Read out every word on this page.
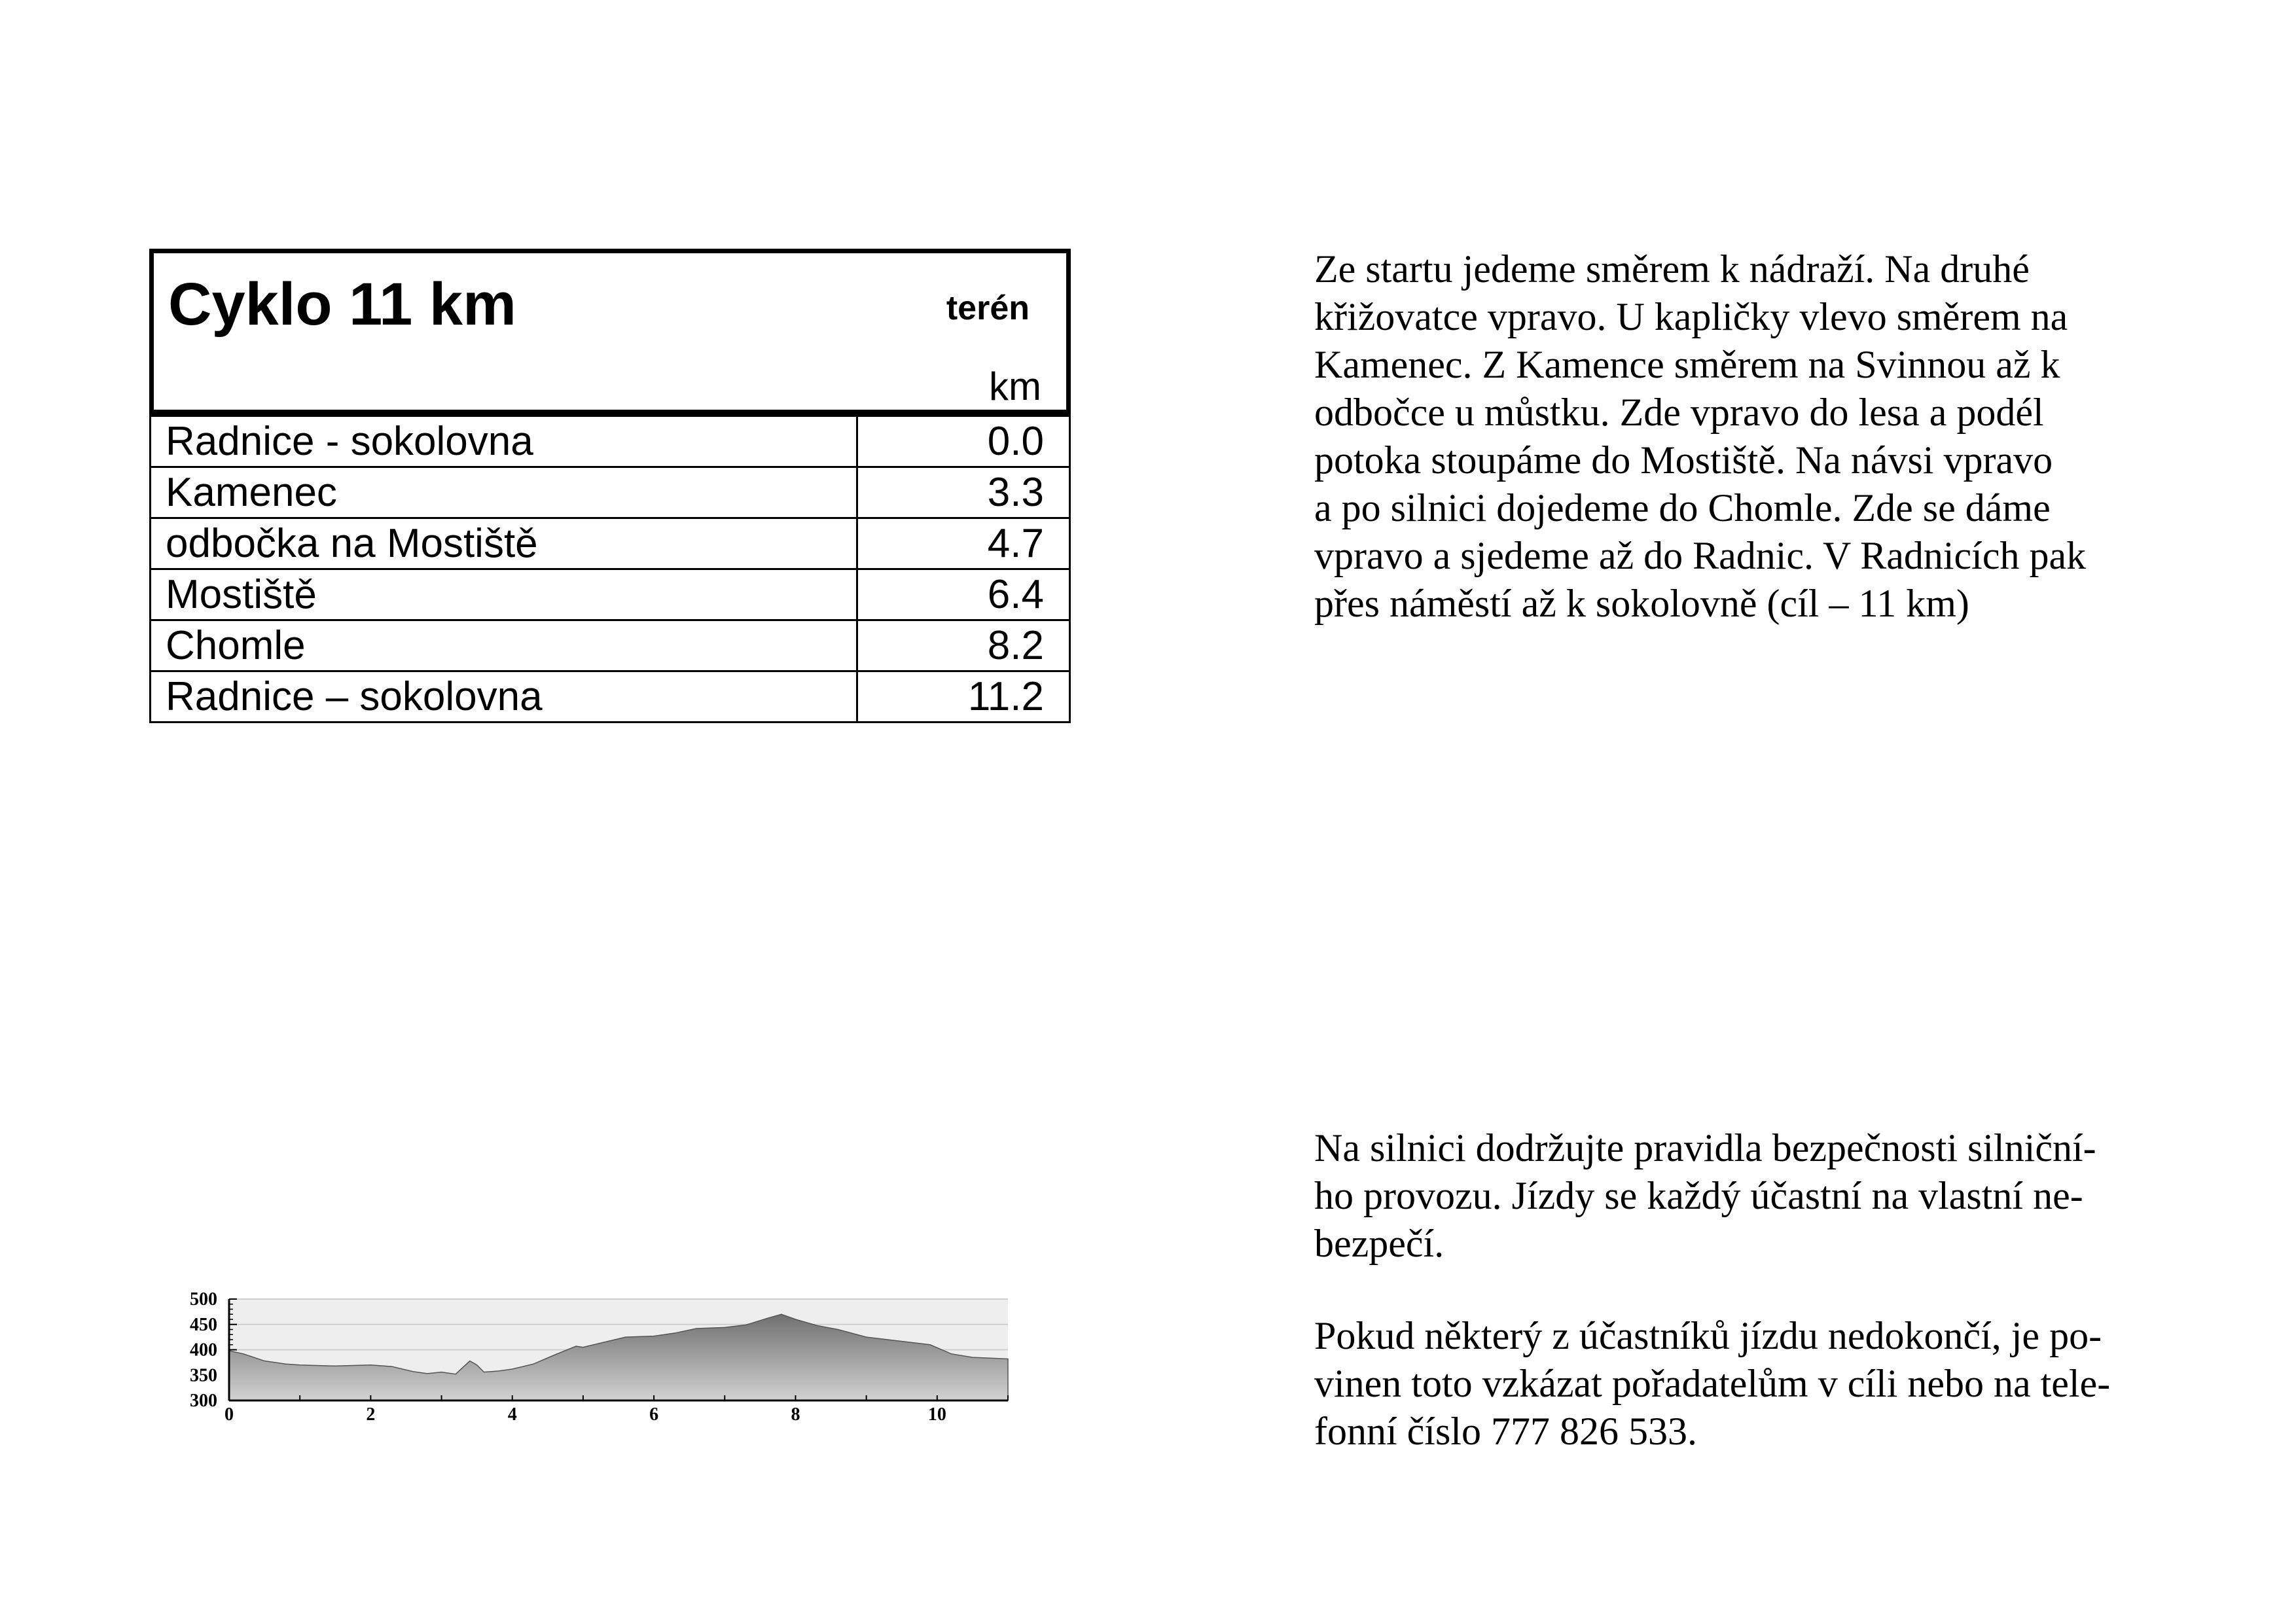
Cyklo 11 km	terén
km
Radnice - sokolovna	0.0
Kamenec	3.3
odbočka na Mostiště	4.7
Mostiště	6.4
Chomle	8.2
Radnice – sokolovna	11.2

Ze startu jedeme směrem k nádraží. Na druhé
křižovatce vpravo. U kapličky vlevo směrem na
Kamenec. Z Kamence směrem na Svinnou až k
odbočce u můstku. Zde vpravo do lesa a podél
potoka stoupáme do Mostiště. Na návsi vpravo
a po silnici dojedeme do Chomle. Zde se dáme
vpravo a sjedeme až do Radnic. V Radnicích pak
přes náměstí až k sokolovně (cíl – 11 km)

Na silnici dodržujte pravidla bezpečnosti silniční-
ho provozu. Jízdy se každý účastní na vlastní ne-
bezpečí.

Pokud některý z účastníků jízdu nedokončí, je po-
vinen toto vzkázat pořadatelům v cíli nebo na tele-
fonní číslo 777 826 533.

500
450
400
350
300
0	2	4	6	8	10
